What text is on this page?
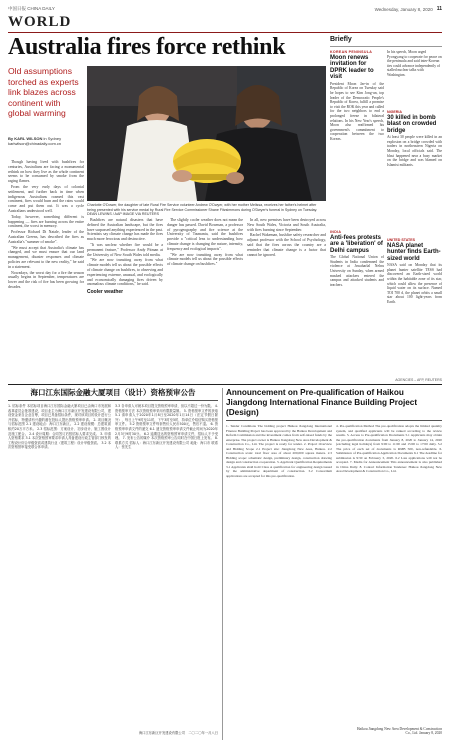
中国日报 CHINA DAILY	Wednesday, January 8, 2020 11
WORLD
Australia fires force rethink
Old assumptions torched as experts link blazes across continent with global warming
By KARL WILSON in Sydney
karlwilson@chinadaily.com.cn
Charlotte O'Dower, the daughter of late Rural Fire Service volunteer Andrew O'Dwyer, with her mother Melissa, receives her father's helmet after being presented with his service medal by Rural Fire Service Commissioner Shane Fitzsimmons during O'Dwyer's funeral in Sydney on Tuesday. DEAN LEWINS / AAP IMAGE VIA REUTERS

Though having lived with bushfires for centuries, Australians are facing a monumental rethink on how they live as the whole continent seems to be consumed by smoke from the raging flames.

From the very early days of colonial settlement, and further back in time when indigenous Australians roamed this vast continent, fires would burn and the rains would come and put them out. It was a cycle Australians understood well.

Today, however, something different is happening — fires are burning across the entire continent, the worst in memory.

Professor Richard Di Natale, leader of the Australian Greens, has described the fires as Australia's "summer of smoke".

"We must accept that Australia's climate has changed, and we must ensure that our land management, disaster responses and climate policies are relevant to the new reality," he said in a statement.

Nowadays, the worst day for a fire the season usually begins in September, temperatures are lower and the risk of fire has been growing for decades.

Bushfires are natural disasters that have defined the Australian landscape, but the fires have surpassed anything experienced in the past. Scientists say climate change has made the fires much more ferocious and destructive.

"It was unclear whether fire would be a permanent feature," Professor Andy Pitman at the University of New South Wales told media.

"We are now transiting away from what climate models tell us about the possible effects of climate change on bushfires, to observing and experiencing extreme, unusual, and ecologically and economically damaging fires driven by anomalous climate conditions," he said.

Cooler weather

The slightly cooler weather does not mean the danger has passed. David Bowman, a professor of pyrogeography and fire science at the University of Tasmania, said the bushfires provide a "critical lens to understanding how climate change is changing the nature, intensity, frequency and ecological impacts".

"We are now transiting away from what climate models tell us about the possible effects of climate change on bushfires."

In all, new premises have been destroyed across New South Wales, Victoria and South Australia, with fires burning since September.

Rachel Wakeman, bushfire safety researcher and adjunct professor with the School of Psychology, said that the fires across the country are a reminder that climate change is a factor that cannot be ignored.

Briefly
KOREAN PENINSULA
Moon renews invitation for DPRK leader to visit
President Moon Jae-in of the Republic of Korea on Tuesday said he hopes to see Kim Jong-un, top leader of the Democratic People's Republic of Korea, fulfill a promise to visit the ROK this year and called for the two neighbors to end a prolonged freeze in bilateral relations. In his New Year's speech, Moon also reaffirmed his government's commitment to cooperation between the two Koreas.
INDIA
Anti-fees protests are a 'liberation' of Delhi campus
The Global National Union of Students in India condemned the violence at Jawaharlal Nehru University on Sunday, when armed masked attackers entered the campus and attacked students and teachers.
In his speech, Moon urged Pyongyang to cooperate for peace on the peninsula and said inter-Korean ties could advance independently of stalled nuclear talks with Washington.
NIGERIA
30 killed in bomb blast on crowded bridge
At least 30 people were killed in an explosion on a bridge crowded with traders in northeastern Nigeria on Monday, local officials said. The blast happened near a busy market on the bridge and was blamed on Islamist militants.
UNITED STATES
NASA planet hunter finds Earth-sized world
NASA said on Monday that its planet hunter satellite TESS had discovered an Earth-sized world within the habitable zone of its star, which could allow the presence of liquid water on its surface. Named TOI 700 d, the planet orbits a small star about 100 light-years from Earth.
AGENCIES – AFP, REUTERS
海口江东国际金融大厦项目（设计）资格预审公告
1. 招标条件 本招标项目海口江东国际金融大厦项目已由海口市发展和改革委员会批准建设，项目业主为海口江东新区开发建设有限公司，建设资金来自企业自筹，项目已具备招标条件，现对该项目的设计进行公开招标，特邀请有兴趣的潜在投标人提出资格预审申请。 2. 项目概况与招标范围 2.1 建设地点：海口江东新区。 2.2 建设规模：总建筑面积约20万平方米。 2.3 招标范围：方案设计、初步设计、施工图设计及施工配合。 2.4 设计周期：合同签订后按招标人要求完成。 3. 申请人资格要求 3.1 本次资格预审要求申请人具备建设行政主管部门核发的工程设计综合甲级资质或建筑行业（建筑工程）设计甲级资质。 3.2 本次资格预审接受联合体申请。
3.3 各申请人可就本项目提交资格预审申请，但以不超过一份为限。 4. 资格预审方法 本次资格预审采用有限数量制。 5. 资格预审文件的获取 5.1 请申请人于2020年1月8日至2020年1月14日（法定节假日除外），每日上午9时至11时，下午3时至5时，持单位介绍信购买资格预审文件。 5.2 资格预审文件每套售价人民币500元，售后不退。 6. 资格预审申请文件的递交 6.1 递交资格预审申请文件截止时间为2020年2月3日9时30分。 6.2 逾期送达的资格预审申请文件，招标人不予受理。 7. 发布公告的媒介 本次资格预审公告同时在中国日报上发布。 8. 联系方式 招标人：海口江东新区开发建设有限公司 地址：海口市 联系人：张先生
海口江东新区开发建设有限公司　二〇二〇年一月八日
Announcement on Pre-qualification of Haikou Jiangdong International Finance Building Project (Design)
1. Tender Conditions The bidding project Haikou Jiangdong International Finance Building Project has been approved by the Haikou Development and Reform Commission and the investment comes from self-raised funds by the enterprise. The project owner is Haikou Jiangdong New Area Development & Construction Co., Ltd. The project is ready for tender. 2. Project Overview and Bidding Scope 2.1 Project site: Jiangdong New Area, Haikou. 2.2 Construction scale: total floor area of about 200,000 square meters. 2.3 Bidding scope: schematic design, preliminary design, construction drawing design and construction cooperation. 3. Applicant Qualification Requirements 3.1 Applicants shall hold Class A qualification for engineering design issued by the administrative department of construction. 3.2 Consortium applications are accepted for this pre-qualification.
4. Pre-qualification Method The pre-qualification adopts the limited quantity system, and qualified applicants will be ranked according to the review results. 5. Access to Pre-qualification Documents 5.1 Applicants may obtain the pre-qualification documents from January 8, 2020 to January 14, 2020 (excluding legal holidays) from 9:00 to 11:00 and 15:00 to 17:00 daily. 5.2 The price of each set of documents is RMB 500, non-refundable. 6. Submission of Pre-qualification Application Documents 6.1 The deadline for submission is 9:30 on February 3, 2020. 6.2 Late applications will not be accepted. 7. Media for Announcement This announcement is also published in China Daily. 8. Contact Information Tenderee: Haikou Jiangdong New Area Development & Construction Co., Ltd.
Haikou Jiangdong New Area Development & Construction Co., Ltd. January 8, 2020
